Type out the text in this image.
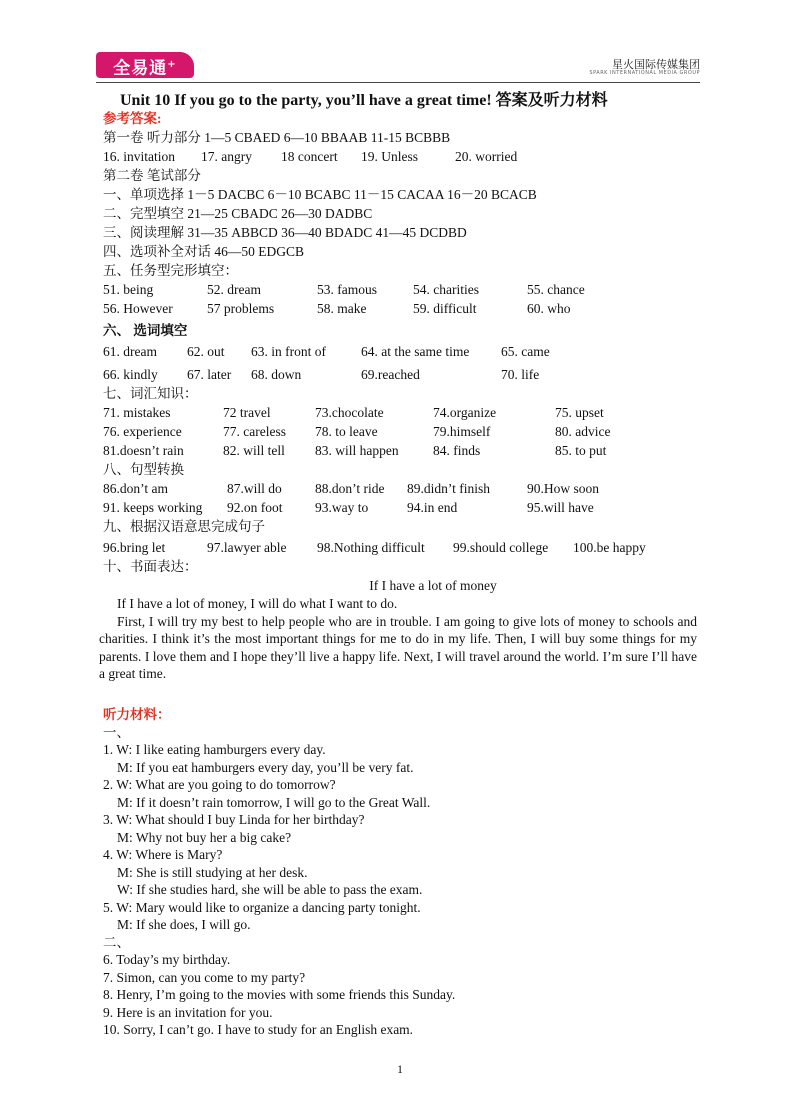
全易通+	星火国际传媒集团
SPARK INTERNATIONAL MEDIA GROUP
Unit 10 If you go to the party, you’ll have a great time! 答案及听力材料
参考答案:
第一卷 听力部分 1—5 CBAED 6—10 BBAAB 11-15 BCBBB
16. invitation 17. angry 18 concert 19. Unless	20. worried
第二卷 笔试部分
一、单项选择 1－5 DACBC 6－10 BCABC 11－15 CACAA 16－20 BCACB
二、完型填空 21—25 CBADC 26—30 DADBC
三、阅读理解 31—35 ABBCD 36—40 BDADC 41—45 DCDBD
四、选项补全对话 46—50 EDGCB
五、任务型完形填空：
51. being	52. dream	53. famous	54. charities	55. chance
56. However	57 problems	58. make	59. difficult	60. who
六、 选词填空
61. dream 62. out 63. in front of	64. at the same time 65. came
66. kindly 67. later 68. down	69.reached	70. life
七、词汇知识：
71. mistakes	72 travel	73.chocolate	74.organize	75. upset
76. experience	77. careless 78. to leave	79.himself	80. advice
81.doesn’t rain	82. will tell 83. will happen	84. finds	85. to put
八、句型转换
86.don’t am	87.will do 88.don’t ride 89.didn’t finish	90.How soon
91. keeps working 92.on foot 93.way to	94.in end	95.will have
九、根据汉语意思完成句子
96.bring let	97.lawyer able 98.Nothing difficult 99.should college 100.be happy
十、书面表达：
If I have a lot of money
If I have a lot of money, I will do what I want to do.
First, I will try my best to help people who are in trouble. I am going to give lots of money to schools and charities. I think it’s the most important things for me to do in my life. Then, I will buy some things for my parents. I love them and I hope they’ll live a happy life. Next, I will travel around the world. I’m sure I’ll have a great time.
听力材料：
一、
1. W: I like eating hamburgers every day.
M: If you eat hamburgers every day, you’ll be very fat.
2. W: What are you going to do tomorrow?
M: If it doesn’t rain tomorrow, I will go to the Great Wall.
3. W: What should I buy Linda for her birthday?
M: Why not buy her a big cake?
4. W: Where is Mary?
M: She is still studying at her desk.
W: If she studies hard, she will be able to pass the exam.
5. W: Mary would like to organize a dancing party tonight.
M: If she does, I will go.
二、
6. Today’s my birthday.
7. Simon, can you come to my party?
8. Henry, I’m going to the movies with some friends this Sunday.
9. Here is an invitation for you.
10. Sorry, I can’t go. I have to study for an English exam.
1
